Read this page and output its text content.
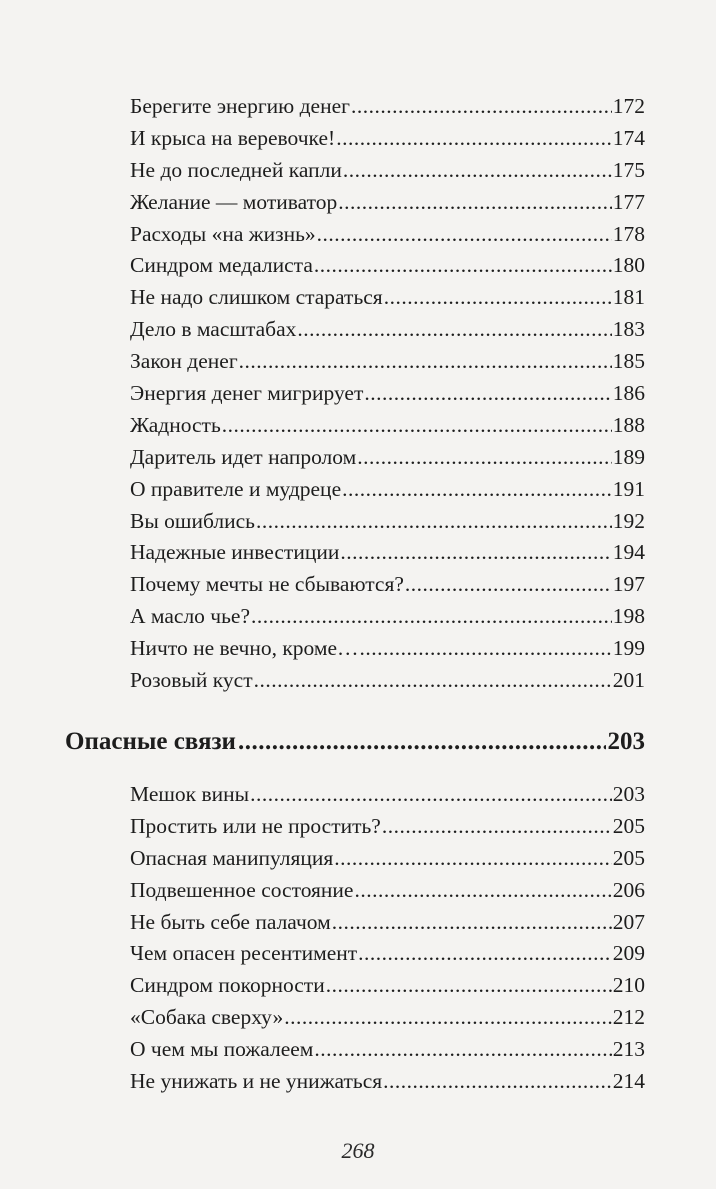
Берегите энергию денег .....	172
И крыса на веревочке! .....	174
Не до последней капли .....	175
Желание — мотиватор .....	177
Расходы «на жизнь» .....	178
Синдром медалиста .....	180
Не надо слишком стараться .....	181
Дело в масштабах .....	183
Закон денег .....	185
Энергия денег мигрирует .....	186
Жадность .....	188
Даритель идет напролом .....	189
О правителе и мудреце .....	191
Вы ошиблись .....	192
Надежные инвестиции .....	194
Почему мечты не сбываются? .....	197
А масло чье? .....	198
Ничто не вечно, кроме… .....	199
Розовый куст .....	201
Опасные связи .....	203
Мешок вины .....	203
Простить или не простить? .....	205
Опасная манипуляция .....	205
Подвешенное состояние .....	206
Не быть себе палачом .....	207
Чем опасен ресентимент .....	209
Синдром покорности .....	210
«Собака сверху» .....	212
О чем мы пожалеем .....	213
Не унижать и не унижаться .....	214
268
